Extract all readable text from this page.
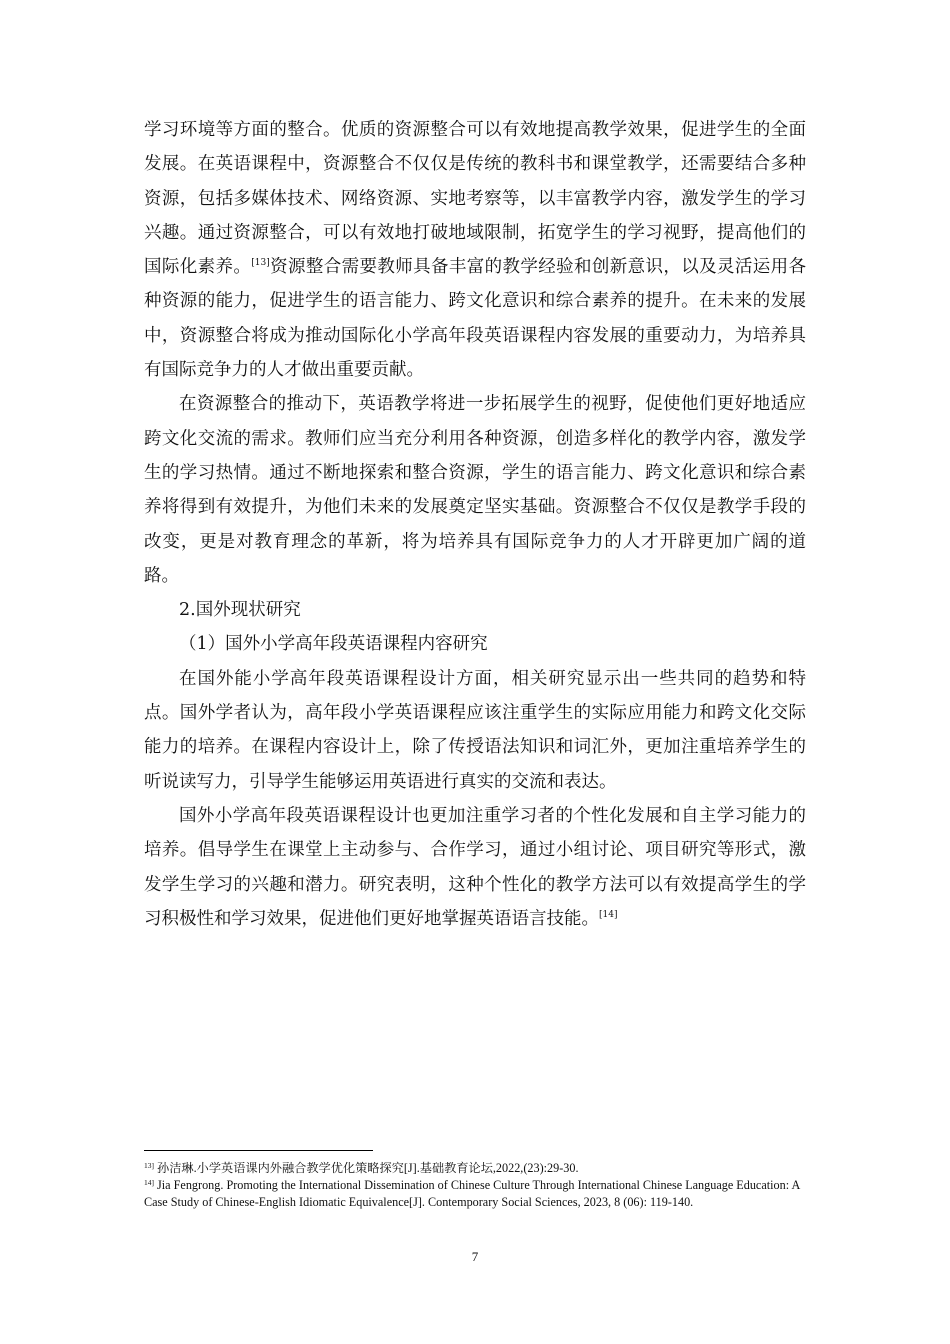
学习环境等方面的整合。优质的资源整合可以有效地提高教学效果，促进学生的全面发展。在英语课程中，资源整合不仅仅是传统的教科书和课堂教学，还需要结合多种资源，包括多媒体技术、网络资源、实地考察等，以丰富教学内容，激发学生的学习兴趣。通过资源整合，可以有效地打破地域限制，拓宽学生的学习视野，提高他们的国际化素养。[13]资源整合需要教师具备丰富的教学经验和创新意识，以及灵活运用各种资源的能力，促进学生的语言能力、跨文化意识和综合素养的提升。在未来的发展中，资源整合将成为推动国际化小学高年段英语课程内容发展的重要动力，为培养具有国际竞争力的人才做出重要贡献。

在资源整合的推动下，英语教学将进一步拓展学生的视野，促使他们更好地适应跨文化交流的需求。教师们应当充分利用各种资源，创造多样化的教学内容，激发学生的学习热情。通过不断地探索和整合资源，学生的语言能力、跨文化意识和综合素养将得到有效提升，为他们未来的发展奠定坚实基础。资源整合不仅仅是教学手段的改变，更是对教育理念的革新，将为培养具有国际竞争力的人才开辟更加广阔的道路。

2.国外现状研究

（1）国外小学高年段英语课程内容研究

在国外能小学高年段英语课程设计方面，相关研究显示出一些共同的趋势和特点。国外学者认为，高年段小学英语课程应该注重学生的实际应用能力和跨文化交际能力的培养。在课程内容设计上，除了传授语法知识和词汇外，更加注重培养学生的听说读写力，引导学生能够运用英语进行真实的交流和表达。

国外小学高年段英语课程设计也更加注重学习者的个性化发展和自主学习能力的培养。倡导学生在课堂上主动参与、合作学习，通过小组讨论、项目研究等形式，激发学生学习的兴趣和潜力。研究表明，这种个性化的教学方法可以有效提高学生的学习积极性和学习效果，促进他们更好地掌握英语语言技能。[14]

$^{13]}$ 孙洁琳.小学英语课内外融合教学优化策略探究[J].基础教育论坛,2022,(23):29-30.

$^{14]}$ Jia Fengrong. Promoting the International Dissemination of Chinese Culture Through International Chinese Language Education: A Case Study of Chinese-English Idiomatic Equivalence[J]. Contemporary Social Sciences, 2023, 8 (06): 119-140.

7
